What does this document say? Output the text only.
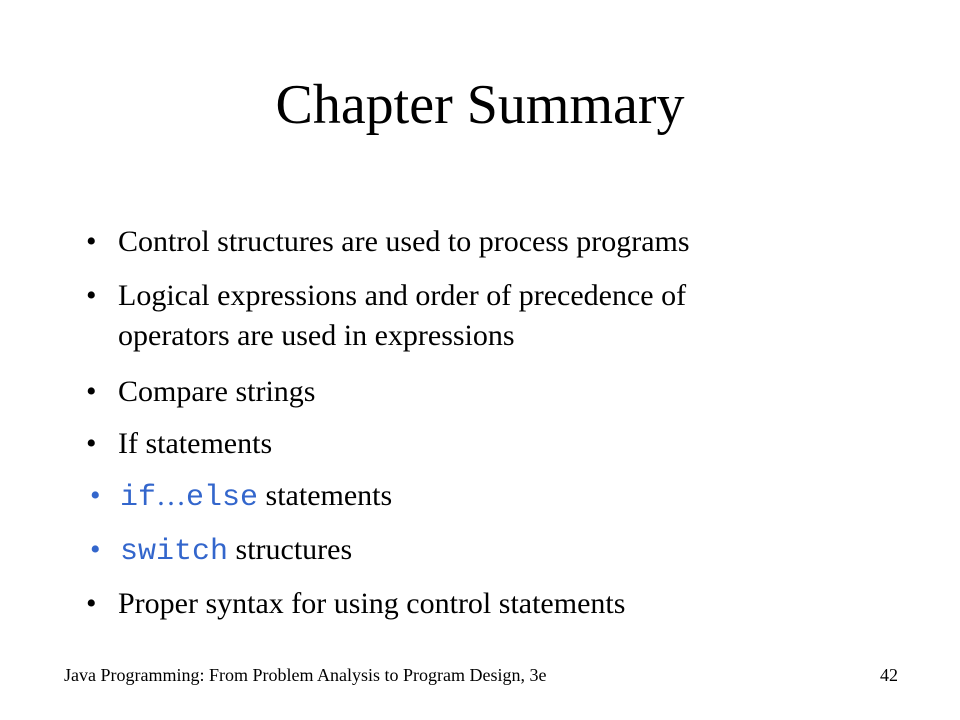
Chapter Summary
• Control structures are used to process programs
• Logical expressions and order of precedence of
operators are used in expressions
• Compare strings
• If statements
• if…else statements
• switch structures
• Proper syntax for using control statements
Java Programming: From Problem Analysis to Program Design, 3e	42
